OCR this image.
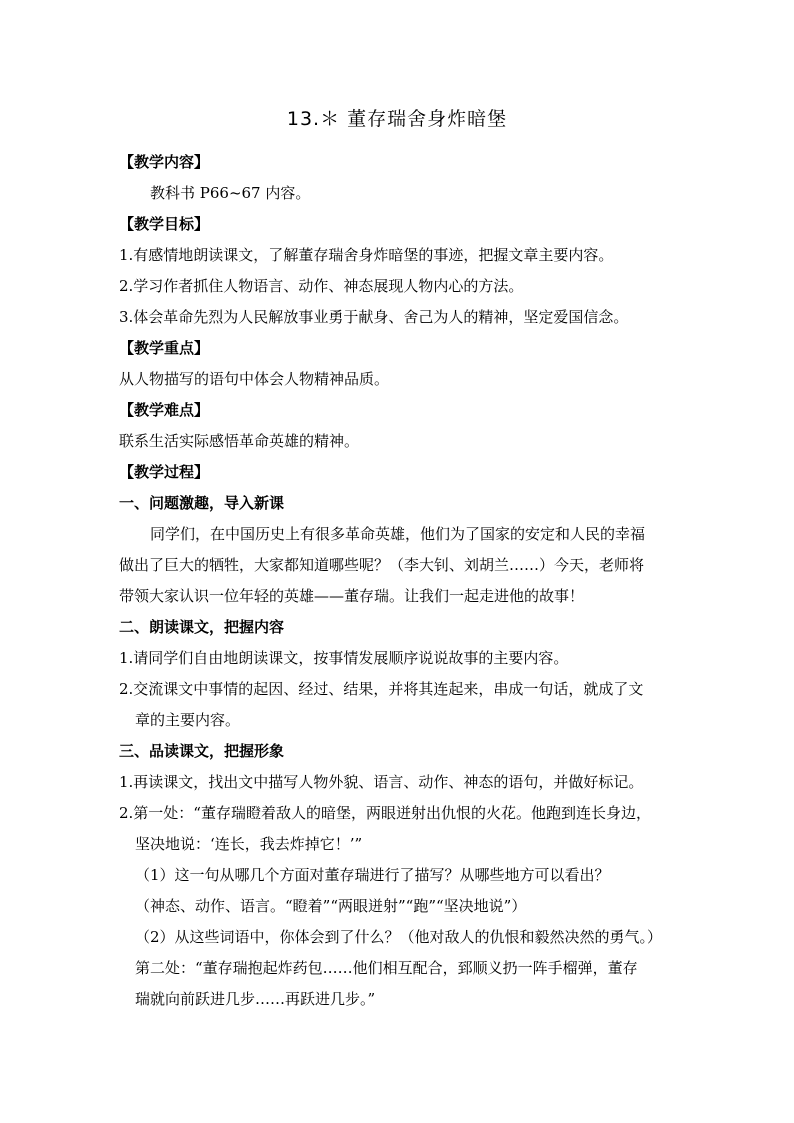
13.＊ 董存瑞舍身炸暗堡
【教学内容】
教科书 P66~67 内容。
【教学目标】
1.有感情地朗读课文，了解董存瑞舍身炸暗堡的事迹，把握文章主要内容。
2.学习作者抓住人物语言、动作、神态展现人物内心的方法。
3.体会革命先烈为人民解放事业勇于献身、舍己为人的精神，坚定爱国信念。
【教学重点】
从人物描写的语句中体会人物精神品质。
【教学难点】
联系生活实际感悟革命英雄的精神。
【教学过程】
一、问题激趣，导入新课
同学们，在中国历史上有很多革命英雄，他们为了国家的安定和人民的幸福
做出了巨大的牺牲，大家都知道哪些呢？（李大钊、刘胡兰……）今天，老师将
带领大家认识一位年轻的英雄——董存瑞。让我们一起走进他的故事！
二、朗读课文，把握内容
1.请同学们自由地朗读课文，按事情发展顺序说说故事的主要内容。
2.交流课文中事情的起因、经过、结果，并将其连起来，串成一句话，就成了文
章的主要内容。
三、品读课文，把握形象
1.再读课文，找出文中描写人物外貌、语言、动作、神态的语句，并做好标记。
2.第一处：“董存瑞瞪着敌人的暗堡，两眼迸射出仇恨的火花。他跑到连长身边，
坚决地说：‘连长，我去炸掉它！’”
（1）这一句从哪几个方面对董存瑞进行了描写？从哪些地方可以看出？
（神态、动作、语言。“瞪着”“两眼迸射”“跑”“坚决地说”）
（2）从这些词语中，你体会到了什么？（他对敌人的仇恨和毅然决然的勇气。）
第二处：“董存瑞抱起炸药包……他们相互配合，郅顺义扔一阵手榴弹，董存
瑞就向前跃进几步……再跃进几步。”
